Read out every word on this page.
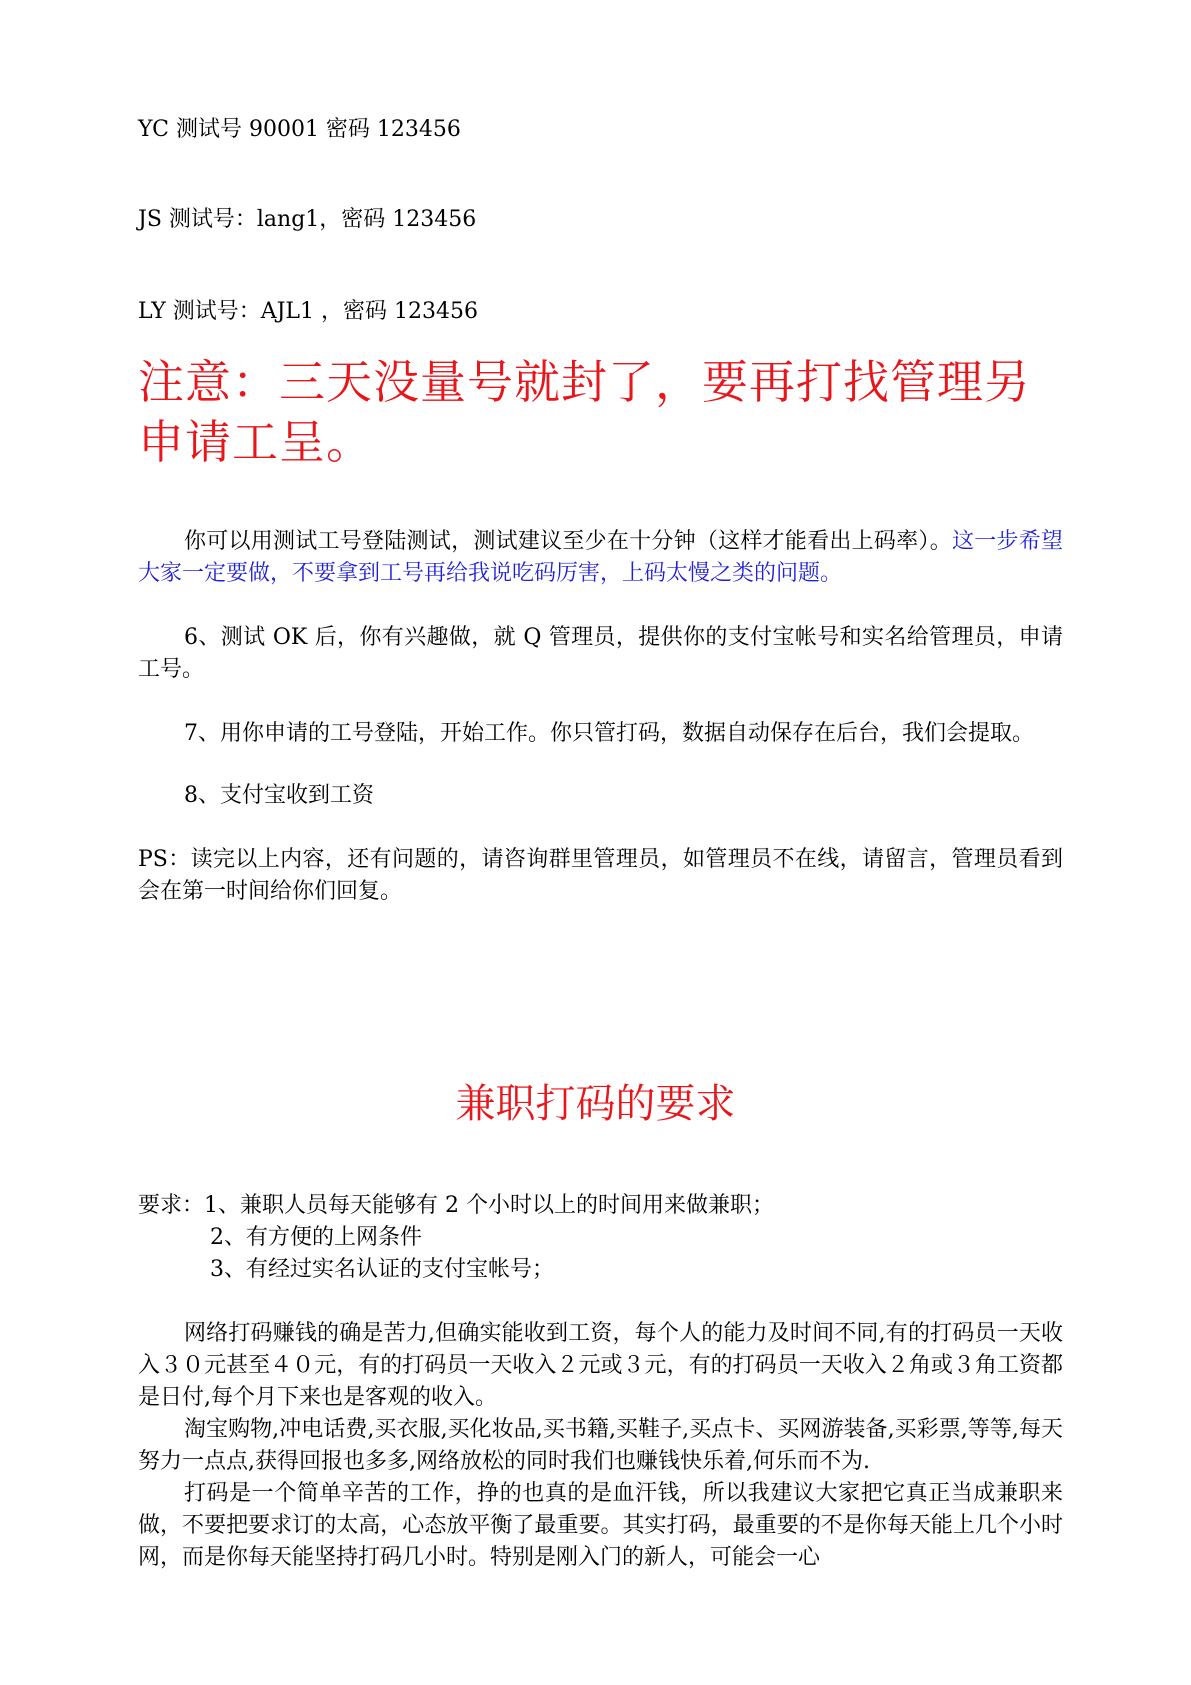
YC 测试号 90001 密码 123456
JS 测试号：lang1，密码 123456
LY 测试号：AJL1 ，密码 123456
注意：三天没量号就封了，要再打找管理另申请工呈。
你可以用测试工号登陆测试，测试建议至少在十分钟（这样才能看出上码率）。这一步希望大家一定要做，不要拿到工号再给我说吃码厉害，上码太慢之类的问题。
6、测试 OK 后，你有兴趣做，就 Q 管理员，提供你的支付宝帐号和实名给管理员，申请工号。
7、用你申请的工号登陆，开始工作。你只管打码，数据自动保存在后台，我们会提取。
8、支付宝收到工资
PS：读完以上内容，还有问题的，请咨询群里管理员，如管理员不在线，请留言，管理员看到会在第一时间给你们回复。
兼职打码的要求
要求：1、兼职人员每天能够有 2 个小时以上的时间用来做兼职；
2、有方便的上网条件
3、有经过实名认证的支付宝帐号；
网络打码赚钱的确是苦力,但确实能收到工资，每个人的能力及时间不同,有的打码员一天收入３０元甚至４０元，有的打码员一天收入２元或３元，有的打码员一天收入２角或３角工资都是日付,每个月下来也是客观的收入。
淘宝购物,冲电话费,买衣服,买化妆品,买书籍,买鞋子,买点卡、买网游装备,买彩票,等等,每天努力一点点,获得回报也多多,网络放松的同时我们也赚钱快乐着,何乐而不为.
打码是一个简单辛苦的工作，挣的也真的是血汗钱，所以我建议大家把它真正当成兼职来做，不要把要求订的太高，心态放平衡了最重要。其实打码，最重要的不是你每天能上几个小时网，而是你每天能坚持打码几小时。特别是刚入门的新人，可能会一心
